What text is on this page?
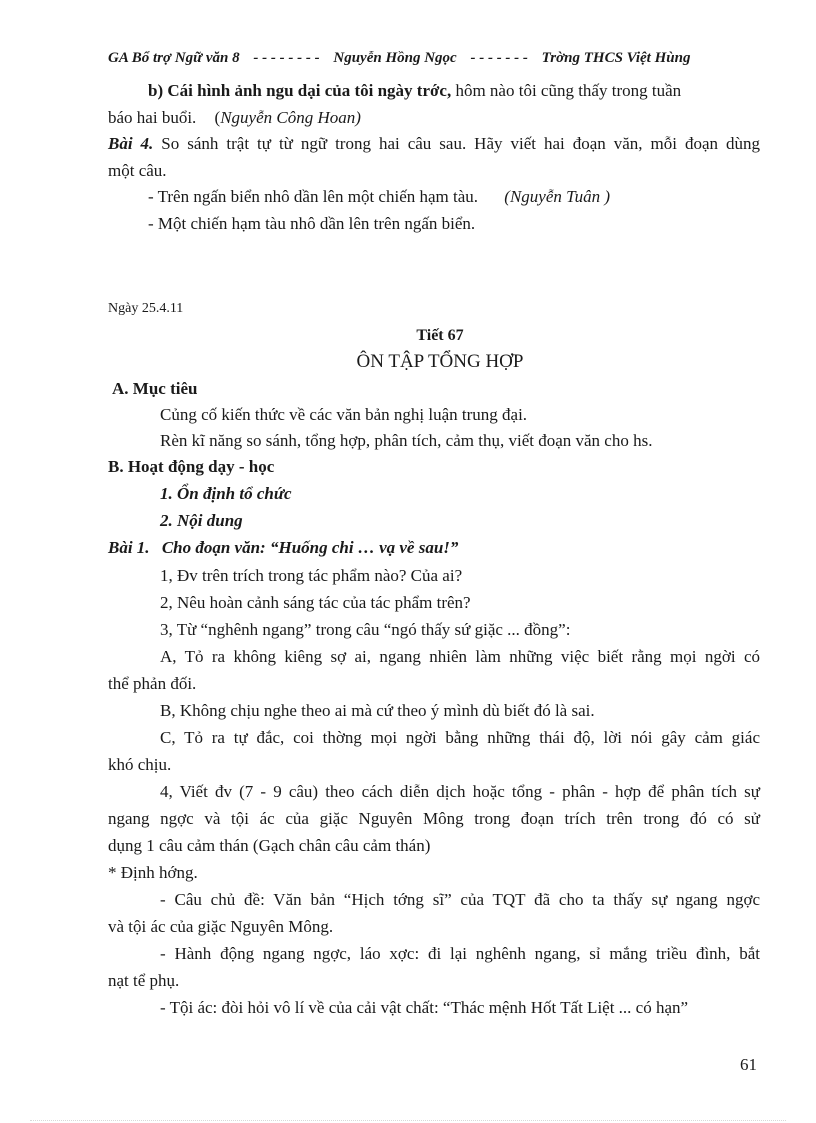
GA Bổ trợ Ngữ văn 8 - - - - - - - - Nguyễn Hồng Ngọc - - - - - - - Trờng THCS Việt Hùng
b) Cái hình ảnh ngu dại của tôi ngày trớc, hôm nào tôi cũng thấy trong tuần
báo hai buổi. (Nguyễn Công Hoan)
Bài 4. So sánh trật tự từ ngữ trong hai câu sau. Hãy viết hai đoạn văn, mỗi đoạn dùng
một câu.
- Trên ngấn biển nhô dần lên một chiến hạm tàu. (Nguyễn Tuân )
- Một chiến hạm tàu nhô dần lên trên ngấn biển.
Ngày 25.4.11
Tiết 67
ÔN TẬP TỔNG HỢP
A. Mục tiêu
Củng cố kiến thức về các văn bản nghị luận trung đại.
Rèn kĩ năng so sánh, tổng hợp, phân tích, cảm thụ, viết đoạn văn cho hs.
B. Hoạt động dạy - học
1. Ổn định tổ chức
2. Nội dung
Bài 1. Cho đoạn văn: “Huống chi … vạ về sau!”
1, Đv trên trích trong tác phẩm nào? Của ai?
2, Nêu hoàn cảnh sáng tác của tác phẩm trên?
3, Từ “nghênh ngang” trong câu “ngó thấy sứ giặc ... đồng”:
A, Tỏ ra không kiêng sợ ai, ngang nhiên làm những việc biết rằng mọi ngời có
thể phản đối.
B, Không chịu nghe theo ai mà cứ theo ý mình dù biết đó là sai.
C, Tỏ ra tự đắc, coi thờng mọi ngời bằng những thái độ, lời nói gây cảm giác
khó chịu.
4, Viết đv (7 - 9 câu) theo cách diễn dịch hoặc tổng - phân - hợp để phân tích sự
ngang ngợc và tội ác của giặc Nguyên Mông trong đoạn trích trên trong đó có sử
dụng 1 câu cảm thán (Gạch chân câu cảm thán)
* Định hớng.
- Câu chủ đề: Văn bản “Hịch tớng sĩ” của TQT đã cho ta thấy sự ngang ngợc
và tội ác của giặc Nguyên Mông.
- Hành động ngang ngợc, láo xợc: đi lại nghênh ngang, sỉ mắng triều đình, bắt
nạt tể phụ.
- Tội ác: đòi hỏi vô lí về của cải vật chất: “Thác mệnh Hốt Tất Liệt ... có hạn”
61
